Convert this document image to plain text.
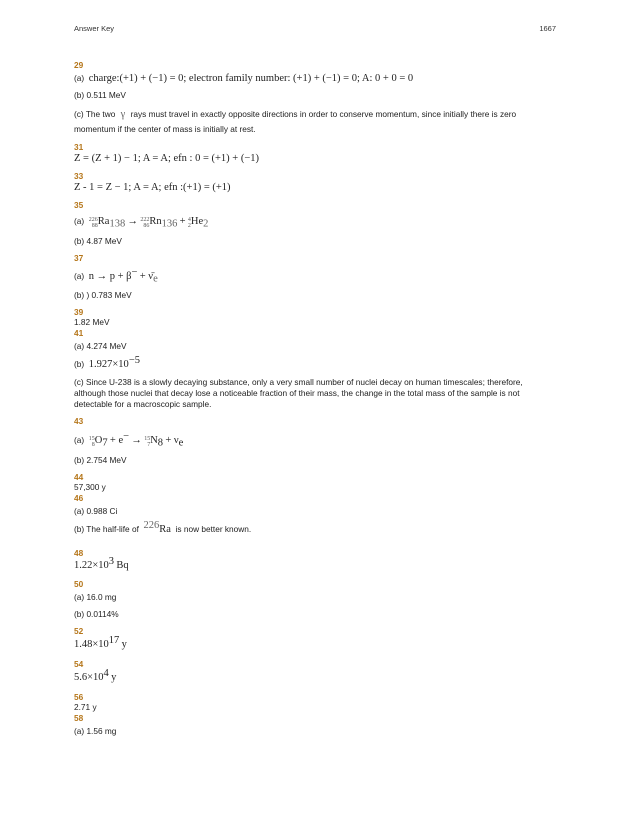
Answer Key	1667
29

(a) charge:(+1) + (−1) = 0; electron family number: (+1) + (−1) = 0; A: 0 + 0 = 0

(b) 0.511 MeV

(c) The two γ rays must travel in exactly opposite directions in order to conserve momentum, since initially there is zero momentum if the center of mass is initially at rest.

31

Z = (Z + 1) − 1; A = A; efn : 0 = (+1) + (−1)

33

Z - 1 = Z − 1; A = A; efn :(+1) = (+1)

35

(a) 226
88 $Ra_{138} \to 222$
86 $Rn_{136} + 4$
2 $He_2$

(b) 4.87 MeV

37

(a) $n \to p + \beta^- + \nū_e$

(b) ) 0.783 MeV

39

1.82 MeV

41

(a) 4.274 MeV

(b) $1.927\times 10^{-5}$

(c) Since U-238 is a slowly decaying substance, only a very small number of nuclei decay on human timescales; therefore, although those nuclei that decay lose a noticeable fraction of their mass, the change in the total mass of the sample is not detectable for a macroscopic sample.

43

(a) 15
8 $O_7 + e^- \to 15$
7 $N_8 + \nu_e$

(b) 2.754 MeV

44

57,300 y

46

(a) 0.988 Ci

(b) The half-life of $^{226}$Ra is now better known.

48

$1.22\times 10^3$ Bq

50

(a) 16.0 mg

(b) 0.0114%

52

$1.48\times 10^{17}$ y

54

$5.6\times 10^4$ y

56

2.71 y

58

(a) 1.56 mg
